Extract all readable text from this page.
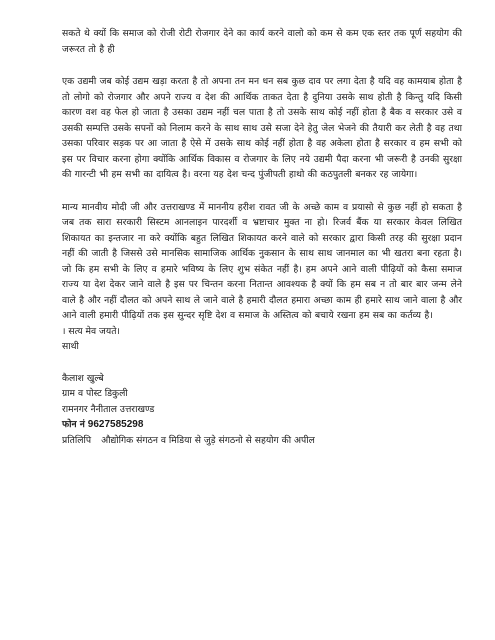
सकते थे क्यों कि समाज को रोजी रोटी रोजगार देने का कार्य करने वालो को कम से कम एक स्तर तक पूर्ण सहयोग की जरूरत तो है ही

एक उद्यमी जब कोई उद्यम खड़ा करता है तो अपना तन मन धन सब कुछ दाव पर लगा देता है यदि वह कामयाब होता है तो लोगो को रोजगार और अपने राज्य व देश की आर्थिक ताकत देता है दुनिया उसके साथ होती है किन्तु यदि किसी कारण वश वह फेल हो जाता है उसका उद्यम नहीं चल पाता है तो उसके साथ कोई नहीं होता है बैक व सरकार उसे व उसकी सम्पत्ति उसके सपनों को निलाम करने के साथ साथ उसे सजा देने हेतु जेल भेजने की तैयारी कर लेती है वह तथा उसका परिवार सड़क पर आ जाता है ऐसे में उसके साथ कोई नहीं होता है वह अकेला होता है सरकार व हम सभी को इस पर विचार करना होगा क्योंकि आर्थिक विकास व रोजगार के लिए नये उद्यमी पैदा करना भी जरूरी है उनकी सुरक्षा की गारन्टी भी हम सभी का दायित्व है। वरना यह देश चन्द पुंजीपती हाथो की कठपुतली बनकर रह जायेगा।

मान्य मानवीय मोदी जी और उत्तराखण्ड में माननीय हरीश रावत जी के अच्छे काम व प्रयासो से कुछ नहीं हो सकता है जब तक सारा सरकारी सिस्टम आनलाइन पारदर्शी व भ्रष्टाचार मुक्त ना हो। रिजर्व बैंक या सरकार केवल लिखित शिकायत का इन्तजार ना करे क्योंकि बहुत लिखित शिकायत करने वाले को सरकार द्वारा किसी तरह की सुरक्षा प्रदान नहीं की जाती है जिससे उसे मानसिक सामाजिक आर्थिक नुकसान के साथ साथ जानमाल का भी खतरा बना रहता है। जो कि हम सभी के लिए व हमारे भविष्य के लिए शुभ संकेत नहीं है। हम अपने आने वाली पीढ़ियों को कैसा समाज राज्य या देश देकर जाने वाले है इस पर चिन्तन करना नितान्त आवश्यक है क्यों कि हम सब न तो बार बार जन्म लेने वाले है और नहीं दौलत को अपने साथ ले जाने वाले है हमारी दौलत हमारा अच्छा काम ही हमारे साथ जाने वाला है और आने वाली हमारी पीढ़ियों तक इस सुन्दर सृष्टि देश व समाज के अस्तित्व को बचाये रखना हम सब का कर्तव्य है।

। सत्य मेव जयते।

साथी

कैलाश खुल्बे

ग्राम व पोस्ट डिकुली

रामनगर नैनीताल उत्तराखण्ड

फोन नं 9627585298

प्रतिलिपि औद्योगिक संगठन व मिडिया से जुड़े संगठनो से सहयोग की अपील
